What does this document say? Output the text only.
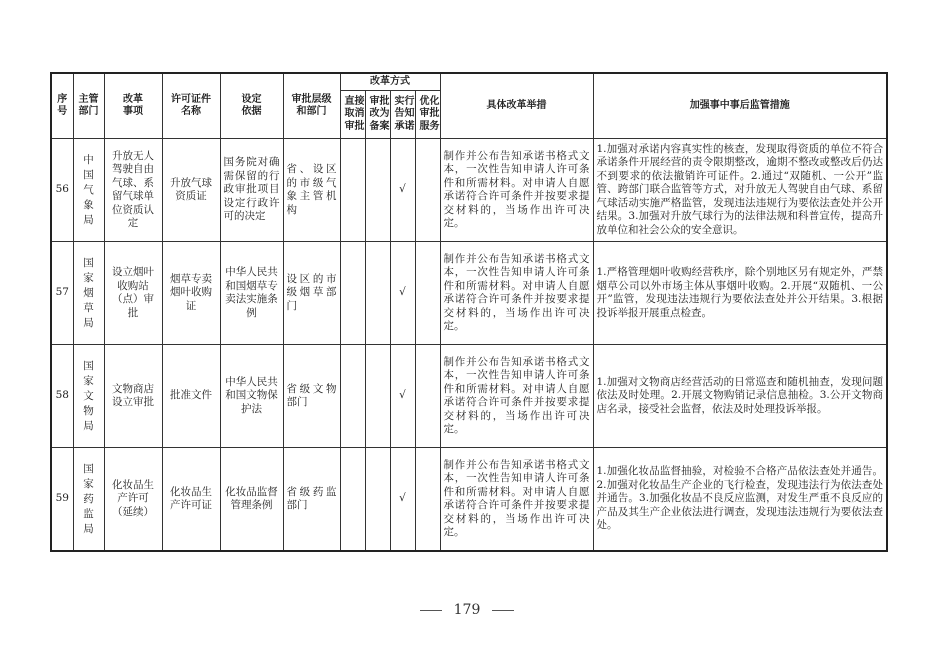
序号	主管部门	改革事项	许可证件名称	设定依据	审批层级和部门	改革方式				具体改革举措	加强事中事后监管措施
						直接取消审批	审批改为备案	实行告知承诺	优化审批服务		
56	中国气象局	升放无人驾驶自由气球、系留气球单位资质认定	升放气球资质证	国务院对确需保留的行政审批项目设定行政许可的决定	省、设区的市级气象主管机构			√		制作并公布告知承诺书格式文本，一次性告知申请人许可条件和所需材料。对申请人自愿承诺符合许可条件并按要求提交材料的，当场作出许可决定。	1.加强对承诺内容真实性的核查，发现取得资质的单位不符合承诺条件开展经营的责令限期整改，逾期不整改或整改后仍达不到要求的依法撤销许可证件。2.通过“双随机、一公开”监管、跨部门联合监管等方式，对升放无人驾驶自由气球、系留气球活动实施严格监管，发现违法违规行为要依法查处并公开结果。3.加强对升放气球行为的法律法规和科普宣传，提高升放单位和社会公众的安全意识。
57	国家烟草局	设立烟叶收购站（点）审批	烟草专卖烟叶收购证	中华人民共和国烟草专卖法实施条例	设区的市级烟草部门			√		制作并公布告知承诺书格式文本，一次性告知申请人许可条件和所需材料。对申请人自愿承诺符合许可条件并按要求提交材料的，当场作出许可决定。	1.严格管理烟叶收购经营秩序，除个别地区另有规定外，严禁烟草公司以外市场主体从事烟叶收购。2.开展“双随机、一公开”监管，发现违法违规行为要依法查处并公开结果。3.根据投诉举报开展重点检查。
58	国家文物局	文物商店设立审批	批准文件	中华人民共和国文物保护法	省级文物部门			√		制作并公布告知承诺书格式文本，一次性告知申请人许可条件和所需材料。对申请人自愿承诺符合许可条件并按要求提交材料的，当场作出许可决定。	1.加强对文物商店经营活动的日常巡查和随机抽查，发现问题依法及时处理。2.开展文物购销记录信息抽检。3.公开文物商店名录，接受社会监督，依法及时处理投诉举报。
59	国家药监局	化妆品生产许可（延续）	化妆品生产许可证	化妆品监督管理条例	省级药监部门			√		制作并公布告知承诺书格式文本，一次性告知申请人许可条件和所需材料。对申请人自愿承诺符合许可条件并按要求提交材料的，当场作出许可决定。	1.加强化妆品监督抽验，对检验不合格产品依法查处并通告。2.加强对化妆品生产企业的飞行检查，发现违法行为依法查处并通告。3.加强化妆品不良反应监测，对发生严重不良反应的产品及其生产企业依法进行调查，发现违法违规行为要依法查处。
179
